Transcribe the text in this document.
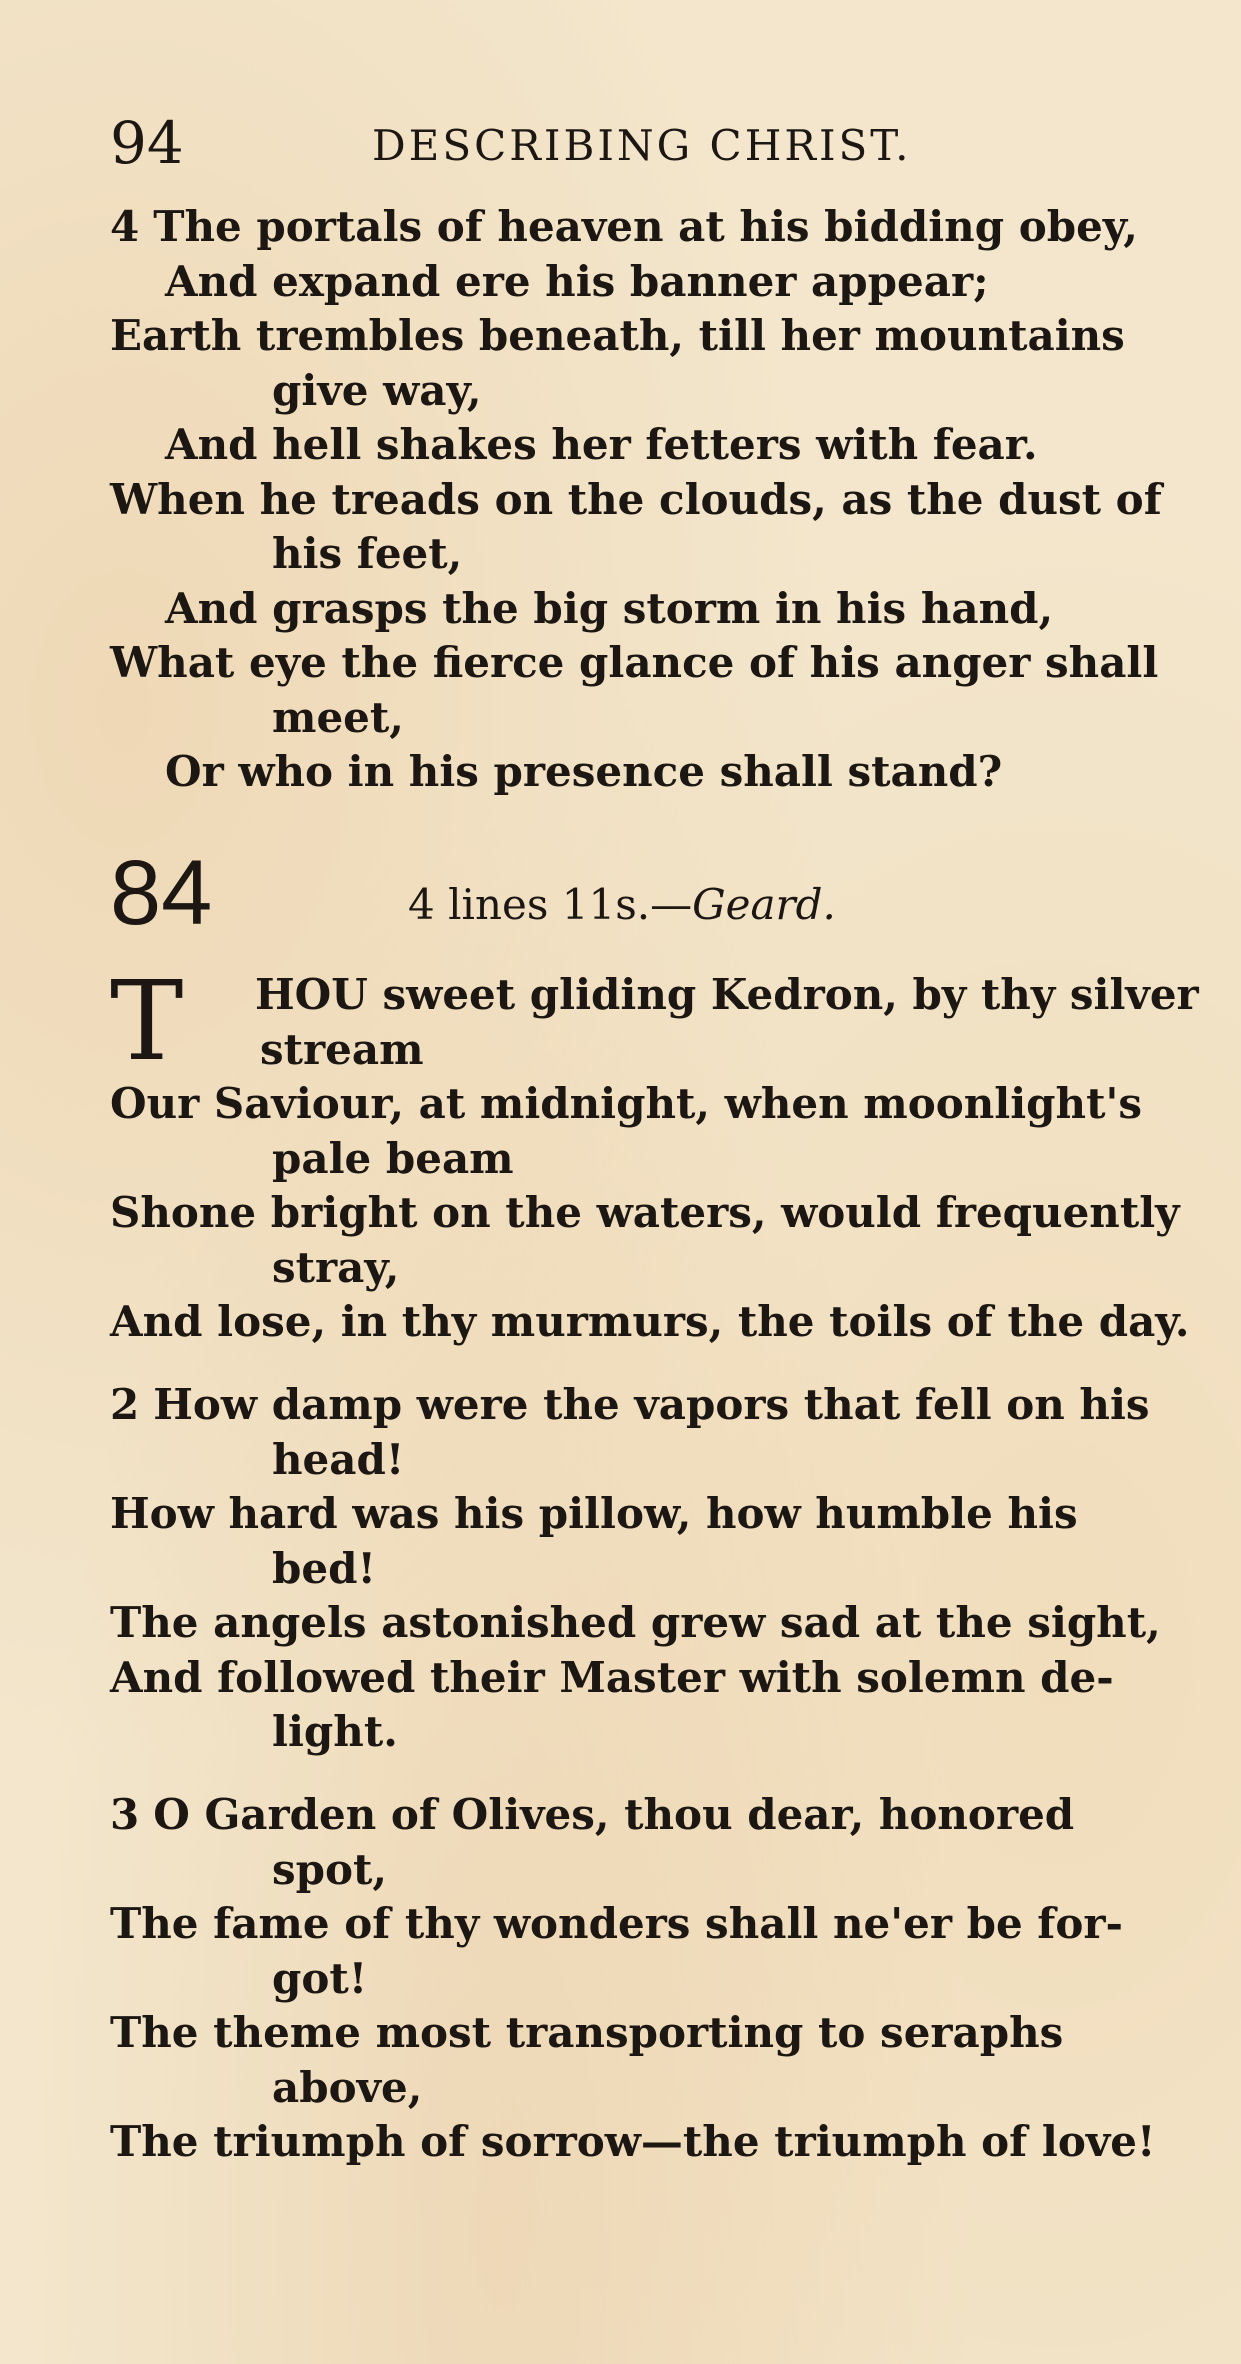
94	DESCRIBING CHRIST.
4 The portals of heaven at his bidding obey,
And expand ere his banner appear;
Earth trembles beneath, till her mountains
give way,
And hell shakes her fetters with fear.
When he treads on the clouds, as the dust of
his feet,
And grasps the big storm in his hand,
What eye the fierce glance of his anger shall
meet,
Or who in his presence shall stand?
84	4 lines 11s.—Geard.
T HOU sweet gliding Kedron, by thy silver
stream
Our Saviour, at midnight, when moonlight's
pale beam
Shone bright on the waters, would frequently
stray,
And lose, in thy murmurs, the toils of the day.
2 How damp were the vapors that fell on his
head!
How hard was his pillow, how humble his
bed!
The angels astonished grew sad at the sight,
And followed their Master with solemn de-
light.
3 O Garden of Olives, thou dear, honored
spot,
The fame of thy wonders shall ne'er be for-
got!
The theme most transporting to seraphs
above,
The triumph of sorrow—the triumph of love!
